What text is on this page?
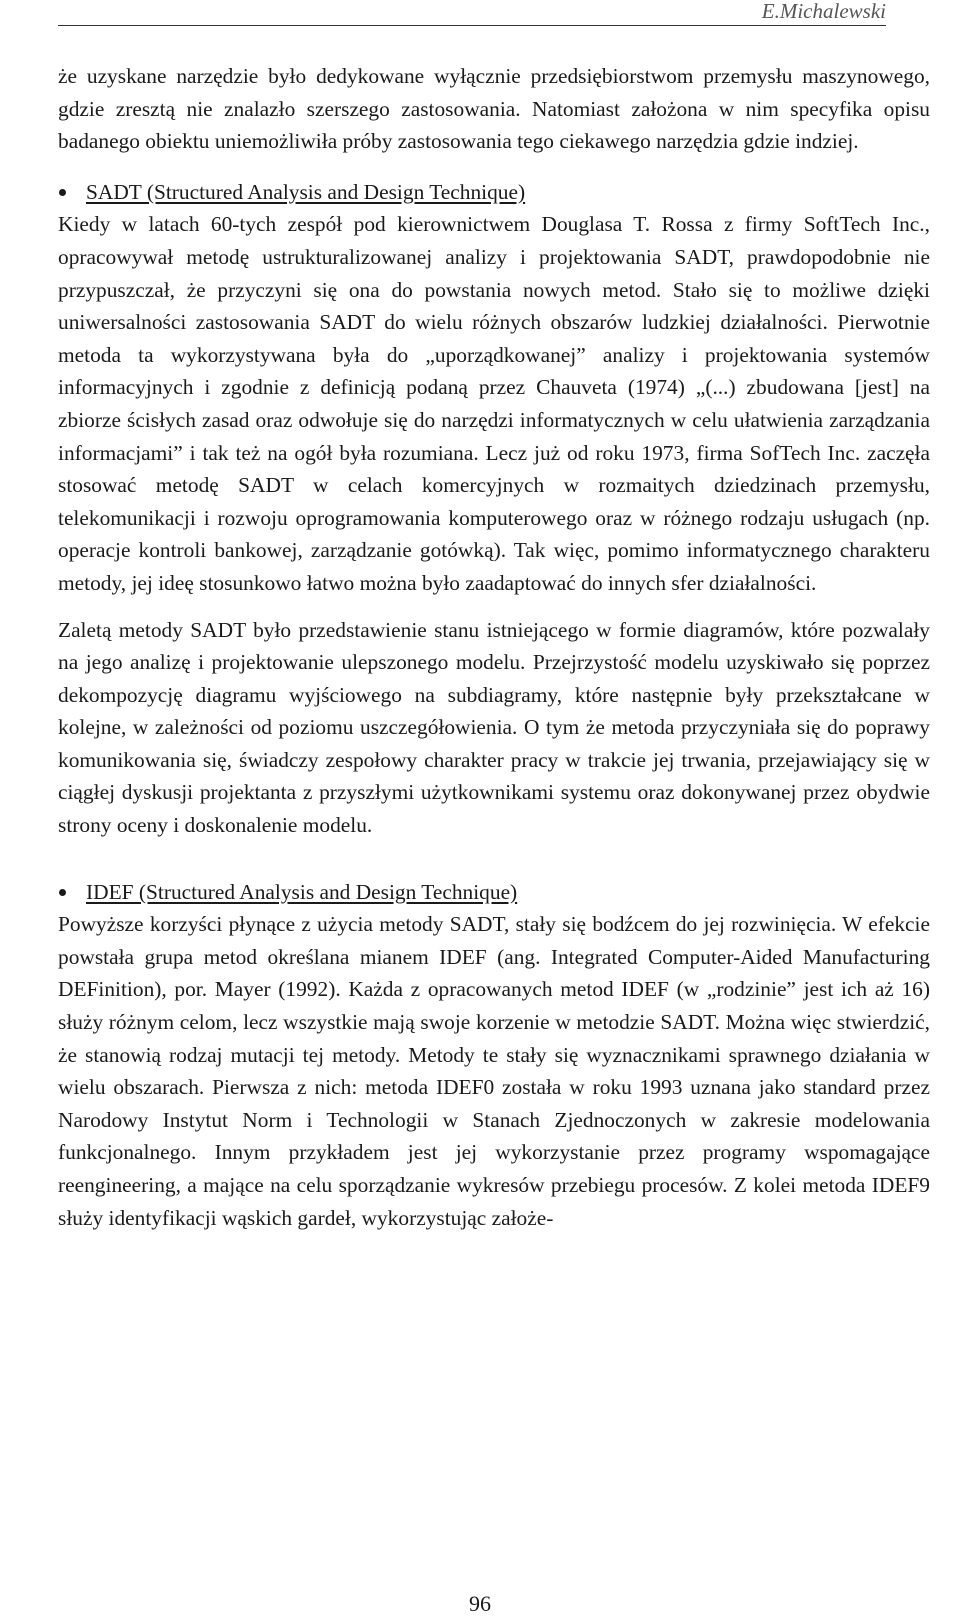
E.Michalewski

że uzyskane narzędzie było dedykowane wyłącznie przedsiębiorstwom przemysłu maszynowego, gdzie zresztą nie znalazło szerszego zastosowania. Natomiast założona w nim specyfika opisu badanego obiektu uniemożliwiła próby zastosowania tego ciekawego narzędzia gdzie indziej.

SADT (Structured Analysis and Design Technique)

Kiedy w latach 60-tych zespół pod kierownictwem Douglasa T. Rossa z firmy SoftTech Inc., opracowywał metodę ustrukturalizowanej analizy i projektowania SADT, prawdopodobnie nie przypuszczał, że przyczyni się ona do powstania nowych metod. Stało się to możliwe dzięki uniwersalności zastosowania SADT do wielu różnych obszarów ludzkiej działalności. Pierwotnie metoda ta wykorzystywana była do „uporządkowanej” analizy i projektowania systemów informacyjnych i zgodnie z definicją podaną przez Chauveta (1974) „(...) zbudowana [jest] na zbiorze ścisłych zasad oraz odwołuje się do narzędzi informatycznych w celu ułatwienia zarządzania informacjami” i tak też na ogół była rozumiana. Lecz już od roku 1973, firma SofTech Inc. zaczęła stosować metodę SADT w celach komercyjnych w rozmaitych dziedzinach przemysłu, telekomunikacji i rozwoju oprogramowania komputerowego oraz w różnego rodzaju usługach (np. operacje kontroli bankowej, zarządzanie gotówką). Tak więc, pomimo informatycznego charakteru metody, jej ideę stosunkowo łatwo można było zaadaptować do innych sfer działalności.

Zaletą metody SADT było przedstawienie stanu istniejącego w formie diagramów, które pozwalały na jego analizę i projektowanie ulepszonego modelu. Przejrzystość modelu uzyskiwało się poprzez dekompozycję diagramu wyjściowego na subdiagramy, które następnie były przekształcane w kolejne, w zależności od poziomu uszczegółowienia. O tym że metoda przyczyniała się do poprawy komunikowania się, świadczy zespołowy charakter pracy w trakcie jej trwania, przejawiający się w ciągłej dyskusji projektanta z przyszłymi użytkownikami systemu oraz dokonywanej przez obydwie strony oceny i doskonalenie modelu.

IDEF (Structured Analysis and Design Technique)

Powyższe korzyści płynące z użycia metody SADT, stały się bodźcem do jej rozwinięcia. W efekcie powstała grupa metod określana mianem IDEF (ang. Integrated Computer-Aided Manufacturing DEFinition), por. Mayer (1992). Każda z opracowanych metod IDEF (w „rodzinie” jest ich aż 16) służy różnym celom, lecz wszystkie mają swoje korzenie w metodzie SADT. Można więc stwierdzić, że stanowią rodzaj mutacji tej metody. Metody te stały się wyznacznikami sprawnego działania w wielu obszarach. Pierwsza z nich: metoda IDEF0 została w roku 1993 uznana jako standard przez Narodowy Instytut Norm i Technologii w Stanach Zjednoczonych w zakresie modelowania funkcjonalnego. Innym przykładem jest jej wykorzystanie przez programy wspomagające reengineering, a mające na celu sporządzanie wykresów przebiegu procesów. Z kolei metoda IDEF9 służy identyfikacji wąskich gardeł, wykorzystując założe-

96
